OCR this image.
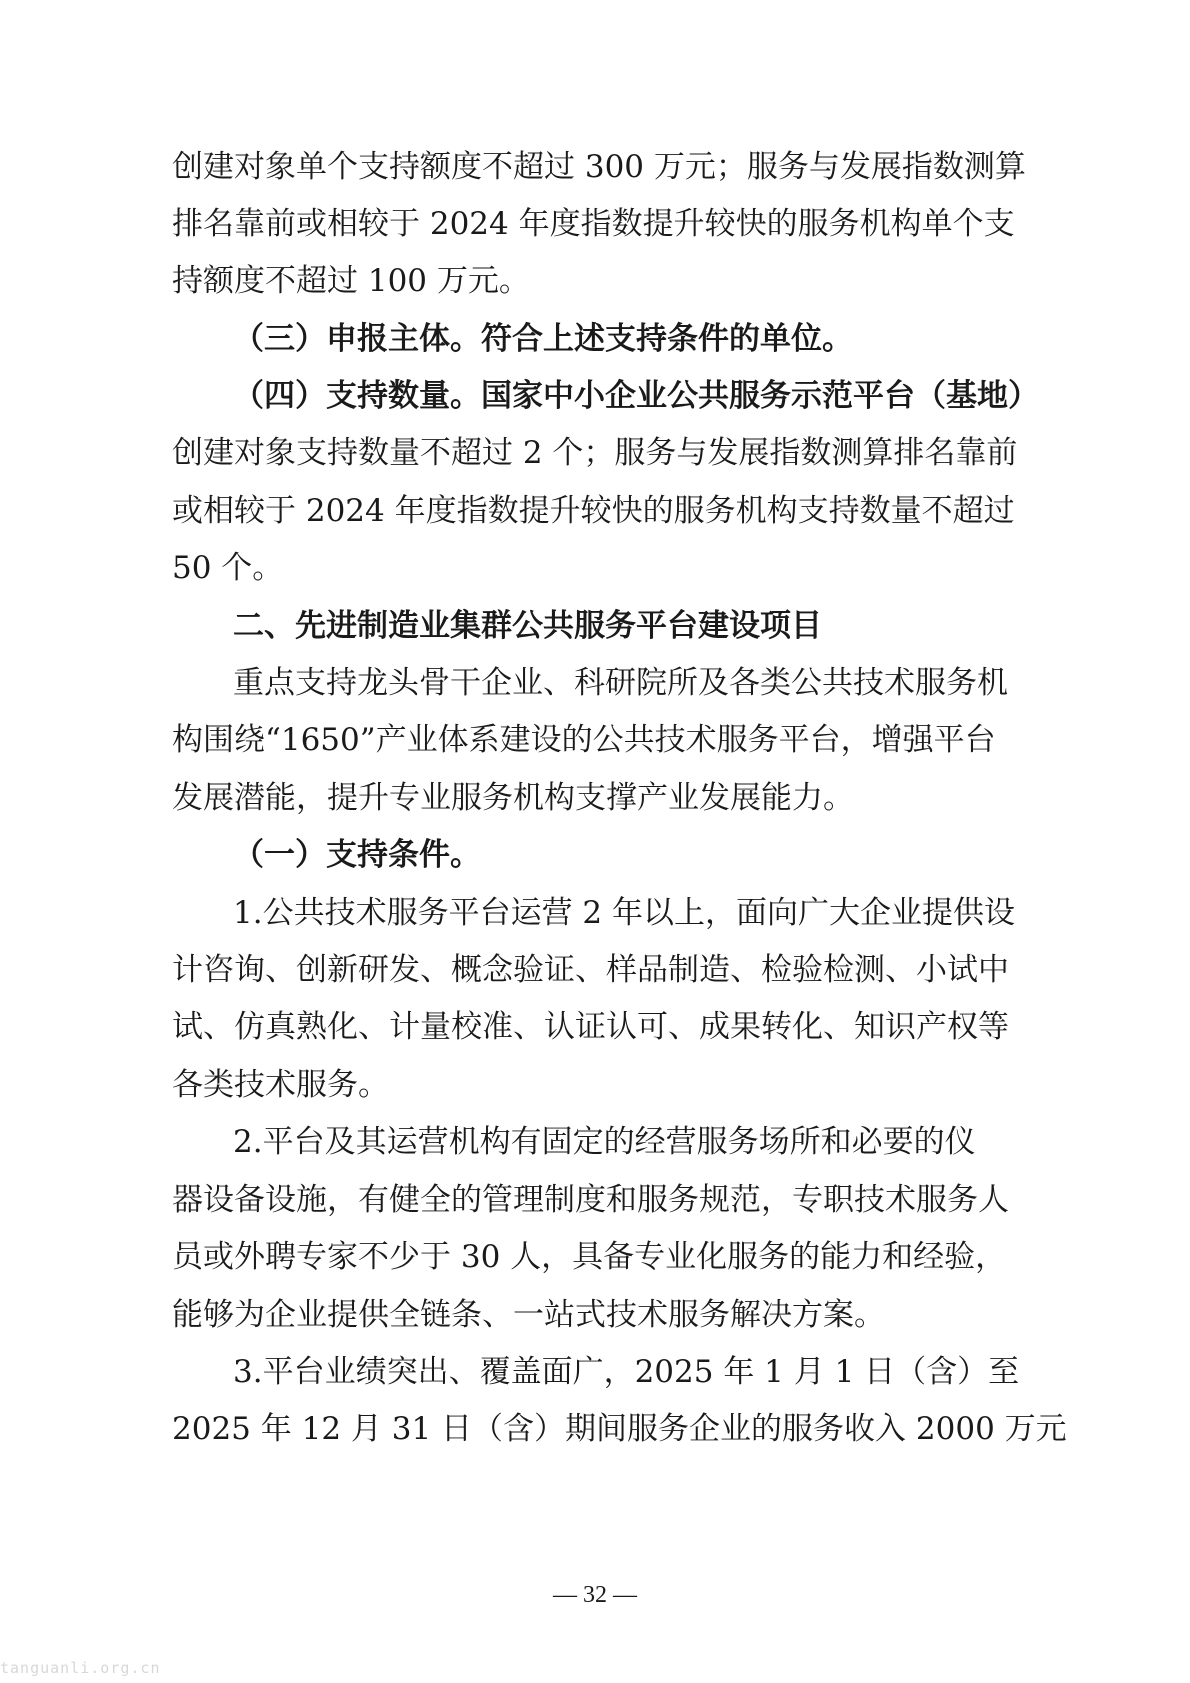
创建对象单个支持额度不超过 300 万元；服务与发展指数测算
排名靠前或相较于 2024 年度指数提升较快的服务机构单个支
持额度不超过 100 万元。
（三）申报主体。符合上述支持条件的单位。
（四）支持数量。国家中小企业公共服务示范平台（基地）
创建对象支持数量不超过 2 个；服务与发展指数测算排名靠前
或相较于 2024 年度指数提升较快的服务机构支持数量不超过
50 个。
二、先进制造业集群公共服务平台建设项目
重点支持龙头骨干企业、科研院所及各类公共技术服务机
构围绕“1650”产业体系建设的公共技术服务平台，增强平台
发展潜能，提升专业服务机构支撑产业发展能力。
（一）支持条件。
1.公共技术服务平台运营 2 年以上，面向广大企业提供设
计咨询、创新研发、概念验证、样品制造、检验检测、小试中
试、仿真熟化、计量校准、认证认可、成果转化、知识产权等
各类技术服务。
2.平台及其运营机构有固定的经营服务场所和必要的仪
器设备设施，有健全的管理制度和服务规范，专职技术服务人
员或外聘专家不少于 30 人，具备专业化服务的能力和经验，
能够为企业提供全链条、一站式技术服务解决方案。
3.平台业绩突出、覆盖面广，2025 年 1 月 1 日（含）至
2025 年 12 月 31 日（含）期间服务企业的服务收入 2000 万元
— 32 —
tanguanli.org.cn
